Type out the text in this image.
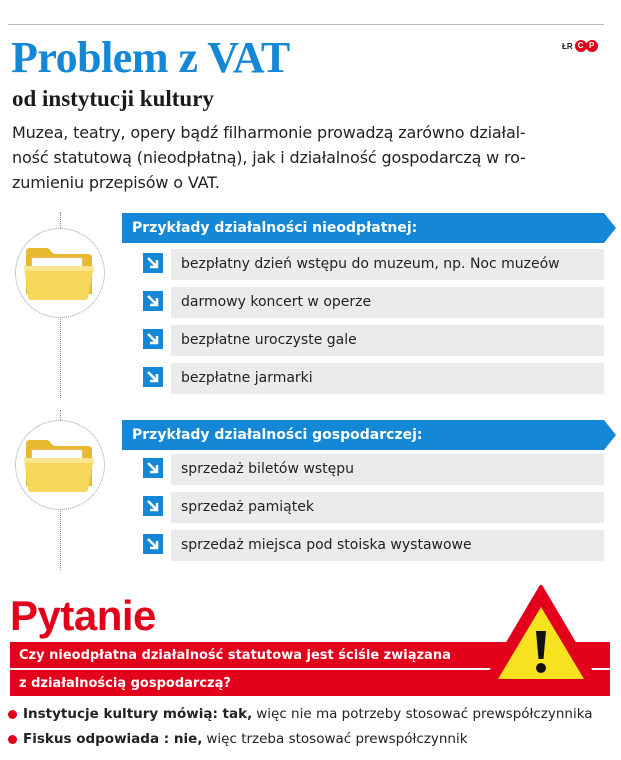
ŁR C P
Problem z VAT
od instytucji kultury
Muzea, teatry, opery bądź filharmonie prowadzą zarówno działal-
ność statutową (nieodpłatną), jak i działalność gospodarczą w ro-
zumieniu przepisów o VAT.
Przykłady działalności nieodpłatnej:
bezpłatny dzień wstępu do muzeum, np. Noc muzeów
darmowy koncert w operze
bezpłatne uroczyste gale
bezpłatne jarmarki
Przykłady działalności gospodarczej:
sprzedaż biletów wstępu
sprzedaż pamiątek
sprzedaż miejsca pod stoiska wystawowe
Pytanie
Czy nieodpłatna działalność statutowa jest ściśle związana
z działalnością gospodarczą?
Instytucje kultury mówią: tak, więc nie ma potrzeby stosować prewspółczynnika
Fiskus odpowiada : nie, więc trzeba stosować prewspółczynnik
